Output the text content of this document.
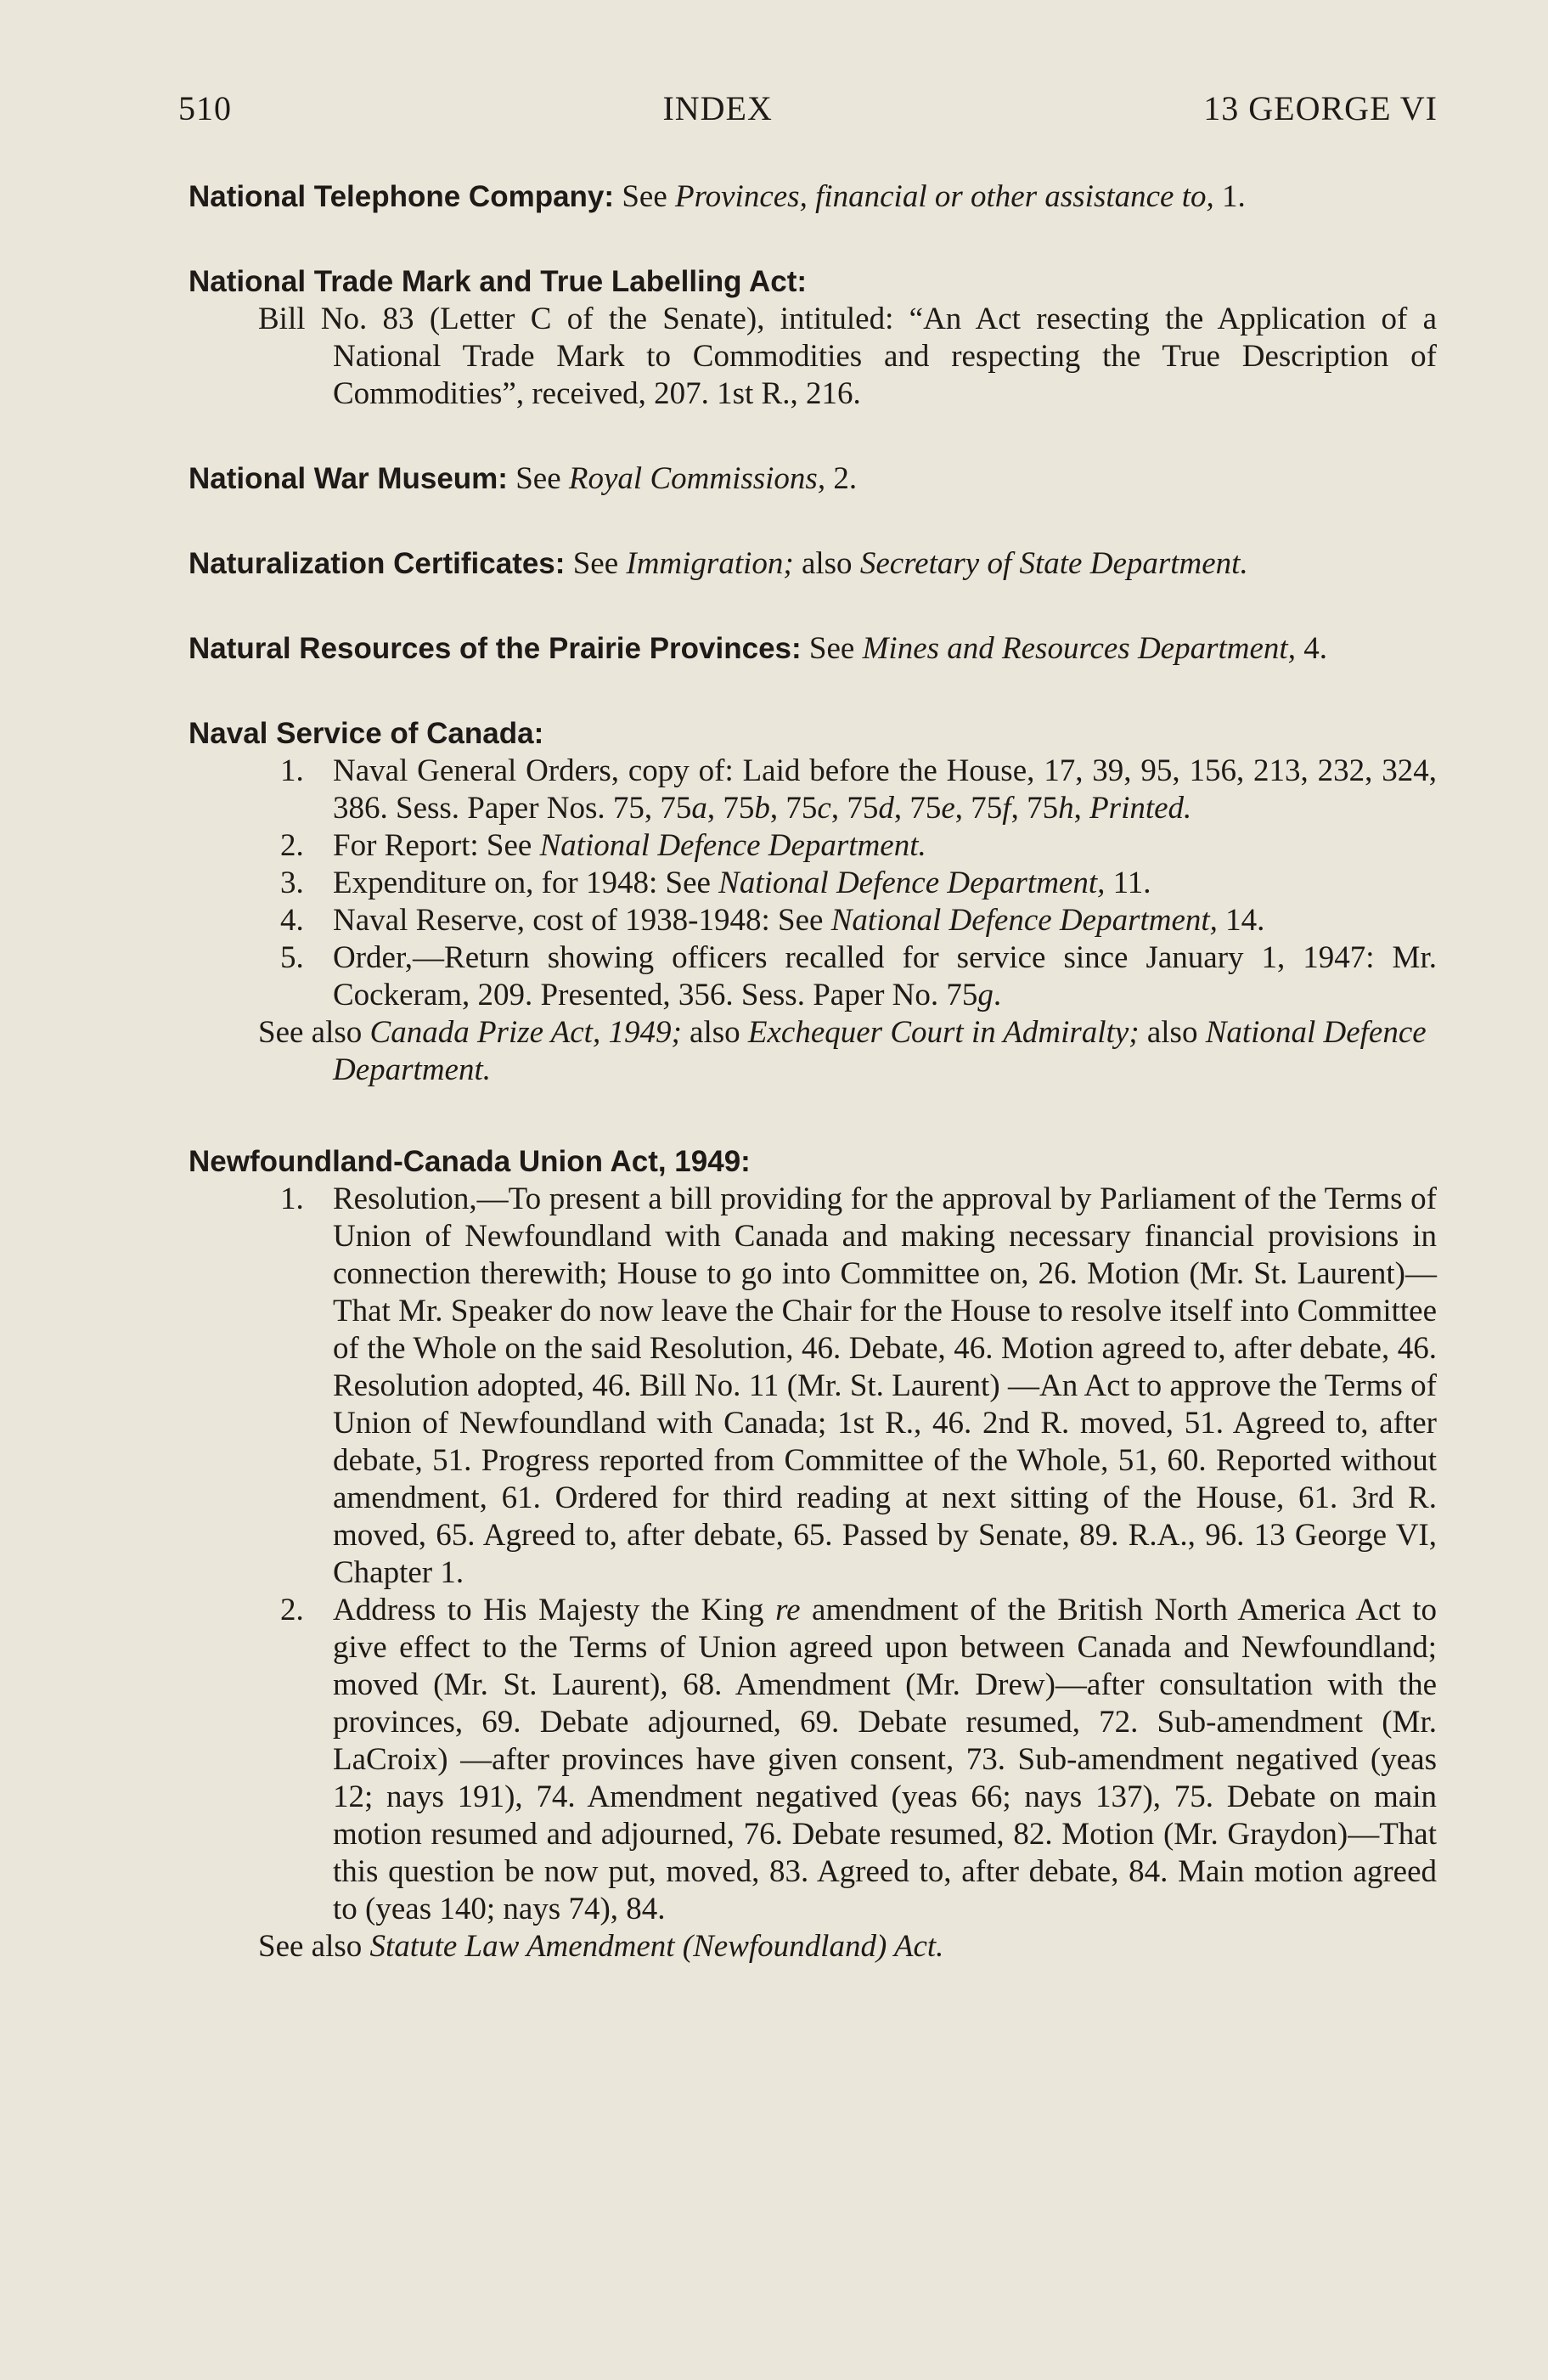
510	INDEX	13 GEORGE VI
National Telephone Company: See Provinces, financial or other assistance to, 1.
National Trade Mark and True Labelling Act:
Bill No. 83 (Letter C of the Senate), intituled: “An Act resecting the Application of a National Trade Mark to Commodities and respecting the True Description of Commodities”, received, 207. 1st R., 216.
National War Museum: See Royal Commissions, 2.
Naturalization Certificates: See Immigration; also Secretary of State Department.
Natural Resources of the Prairie Provinces: See Mines and Resources Department, 4.
Naval Service of Canada:
1. Naval General Orders, copy of: Laid before the House, 17, 39, 95, 156, 213, 232, 324, 386. Sess. Paper Nos. 75, 75a, 75b, 75c, 75d, 75e, 75f, 75h, Printed.
2. For Report: See National Defence Department.
3. Expenditure on, for 1948: See National Defence Department, 11.
4. Naval Reserve, cost of 1938-1948: See National Defence Department, 14.
5. Order,—Return showing officers recalled for service since January 1, 1947: Mr. Cockeram, 209. Presented, 356. Sess. Paper No. 75g.
See also Canada Prize Act, 1949; also Exchequer Court in Admiralty; also National Defence Department.
Newfoundland-Canada Union Act, 1949:
1. Resolution,—To present a bill providing for the approval by Parliament of the Terms of Union of Newfoundland with Canada and making necessary financial provisions in connection therewith; House to go into Committee on, 26. Motion (Mr. St. Laurent)—That Mr. Speaker do now leave the Chair for the House to resolve itself into Committee of the Whole on the said Resolution, 46. Debate, 46. Motion agreed to, after debate, 46. Resolution adopted, 46. Bill No. 11 (Mr. St. Laurent) —An Act to approve the Terms of Union of Newfoundland with Canada; 1st R., 46. 2nd R. moved, 51. Agreed to, after debate, 51. Progress reported from Committee of the Whole, 51, 60. Reported without amendment, 61. Ordered for third reading at next sitting of the House, 61. 3rd R. moved, 65. Agreed to, after debate, 65. Passed by Senate, 89. R.A., 96. 13 George VI, Chapter 1.
2. Address to His Majesty the King re amendment of the British North America Act to give effect to the Terms of Union agreed upon between Canada and Newfoundland; moved (Mr. St. Laurent), 68. Amendment (Mr. Drew)—after consultation with the provinces, 69. Debate adjourned, 69. Debate resumed, 72. Sub-amendment (Mr. LaCroix) —after provinces have given consent, 73. Sub-amendment negatived (yeas 12; nays 191), 74. Amendment negatived (yeas 66; nays 137), 75. Debate on main motion resumed and adjourned, 76. Debate resumed, 82. Motion (Mr. Graydon)—That this question be now put, moved, 83. Agreed to, after debate, 84. Main motion agreed to (yeas 140; nays 74), 84.
See also Statute Law Amendment (Newfoundland) Act.
